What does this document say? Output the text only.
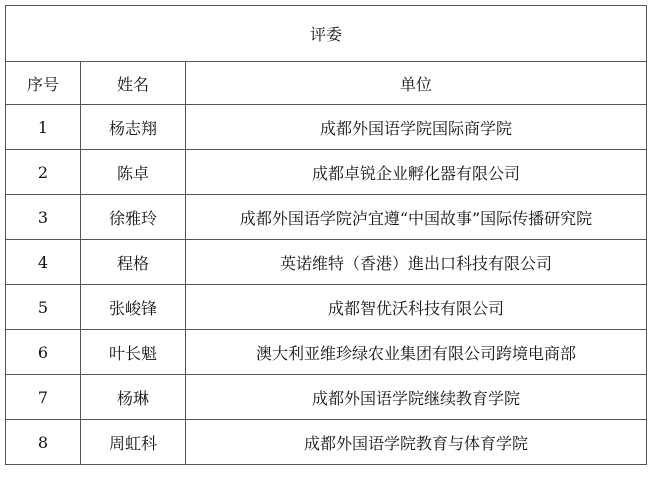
评委		
序号	姓名	单位
1	杨志翔	成都外国语学院国际商学院
2	陈卓	成都卓锐企业孵化器有限公司
3	徐雅玲	成都外国语学院泸宜遵“中国故事”国际传播研究院
4	程格	英诺维特（香港）進出口科技有限公司
5	张峻锋	成都智优沃科技有限公司
6	叶长魁	澳大利亚维珍绿农业集团有限公司跨境电商部
7	杨琳	成都外国语学院继续教育学院
8	周虹科	成都外国语学院教育与体育学院
